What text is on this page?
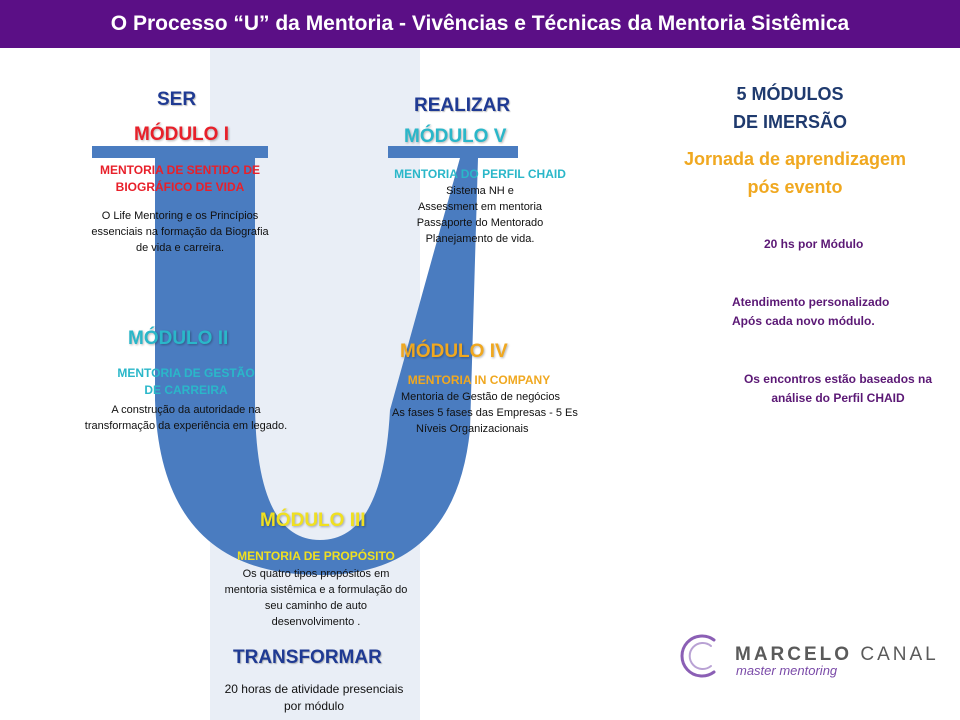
O Processo “U” da Mentoria - Vivências e Técnicas da Mentoria Sistêmica
SER	REALIZAR
TRANSFORMAR
MÓDULO I
MENTORIA DE SENTIDO DE
BIOGRÁFICO DE VIDA
O Life Mentoring e os Princípios
essenciais na formação da Biografia
de vida e carreira.
MÓDULO V
MENTORIA DO PERFIL CHAID
Sistema NH e
Assessment em mentoria
Passaporte do Mentorado
Planejamento de vida.
MÓDULO II
MENTORIA DE GESTÃO
DE CARREIRA
A construção da autoridade na
transformação da experiência em legado.
MÓDULO IV
MENTORIA IN COMPANY
Mentoria de Gestão de negócios
As fases 5 fases das Empresas - 5 Es
Níveis Organizacionais
MÓDULO III
MENTORIA DE PROPÓSITO
Os quatro tipos propósitos em
mentoria sistêmica e a formulação do
seu caminho de auto
desenvolvimento .
20 horas de atividade presenciais
por módulo
5 MÓDULOS
DE IMERSÃO
Jornada de aprendizagem
pós evento
20 hs por Módulo
Atendimento personalizado
Após cada novo módulo.
Os encontros estão baseados na
análise do Perfil CHAID
MARCELO CANAL
master mentoring
